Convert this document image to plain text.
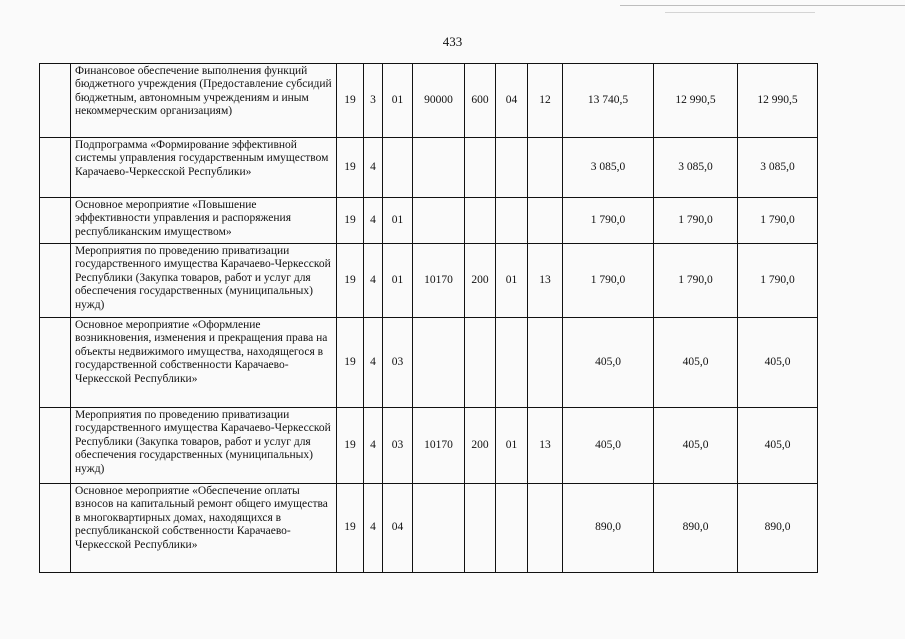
433
	Финансовое обеспечение выполнения функций бюджетного учреждения (Предоставление субсидий бюджетным, автономным учреждениям и иным некоммерческим организациям)	19	3	01	90000	600	04	12	13 740,5	12 990,5	12 990,5
	Подпрограмма «Формирование эффективной системы управления государственным имуществом Карачаево-Черкесской Республики»	19	4						3 085,0	3 085,0	3 085,0
	Основное мероприятие «Повышение эффективности управления и распоряжения республиканским имуществом»	19	4	01					1 790,0	1 790,0	1 790,0
	Мероприятия по проведению приватизации государственного имущества Карачаево-Черкесской Республики (Закупка товаров, работ и услуг для обеспечения государственных (муниципальных) нужд)	19	4	01	10170	200	01	13	1 790,0	1 790,0	1 790,0
	Основное мероприятие «Оформление возникновения, изменения и прекращения права на объекты недвижимого имущества, находящегося в государственной собственности Карачаево-Черкесской Республики»	19	4	03					405,0	405,0	405,0
	Мероприятия по проведению приватизации государственного имущества Карачаево-Черкесской Республики (Закупка товаров, работ и услуг для обеспечения государственных (муниципальных) нужд)	19	4	03	10170	200	01	13	405,0	405,0	405,0
	Основное мероприятие «Обеспечение оплаты взносов на капитальный ремонт общего имущества в многоквартирных домах, находящихся в республиканской собственности Карачаево-Черкесской Республики»	19	4	04					890,0	890,0	890,0
